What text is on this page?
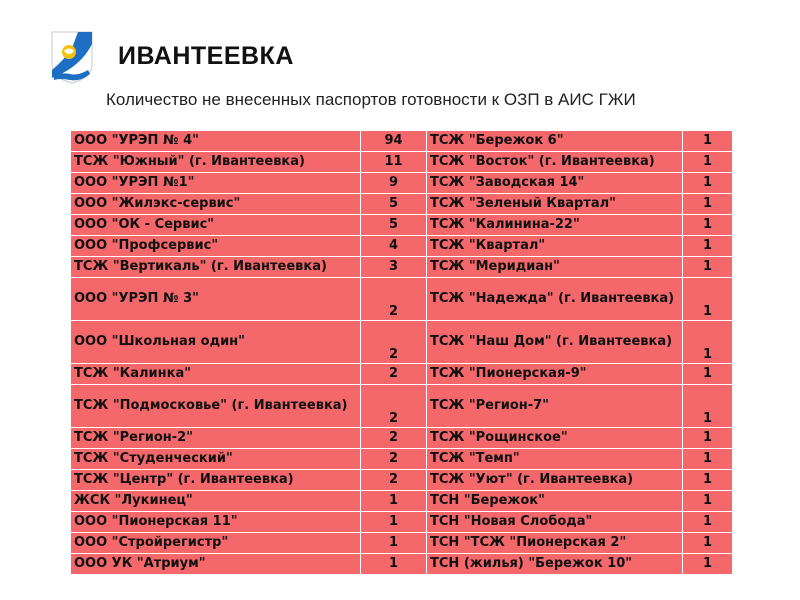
ИВАНТЕЕВКА
Количество не внесенных паспортов готовности к ОЗП в АИС ГЖИ
ООО "УРЭП № 4"	94	ТСЖ "Бережок 6"	1
ТСЖ "Южный" (г. Ивантеевка)	11	ТСЖ "Восток" (г. Ивантеевка)	1
ООО "УРЭП №1"	9	ТСЖ "Заводская 14"	1
ООО "Жилэкс-сервис"	5	ТСЖ "Зеленый Квартал"	1
ООО "ОК - Сервис"	5	ТСЖ "Калинина-22"	1
ООО "Профсервис"	4	ТСЖ "Квартал"	1
ТСЖ "Вертикаль" (г. Ивантеевка)	3	ТСЖ "Меридиан"	1
ООО "УРЭП № 3"	2	ТСЖ "Надежда" (г. Ивантеевка)	1
ООО "Школьная один"	2	ТСЖ "Наш Дом" (г. Ивантеевка)	1
ТСЖ "Калинка"	2	ТСЖ "Пионерская-9"	1
ТСЖ "Подмосковье" (г. Ивантеевка)	2	ТСЖ "Регион-7"	1
ТСЖ "Регион-2"	2	ТСЖ "Рощинское"	1
ТСЖ "Студенческий"	2	ТСЖ "Темп"	1
ТСЖ "Центр" (г. Ивантеевка)	2	ТСЖ "Уют" (г. Ивантеевка)	1
ЖСК "Лукинец"	1	ТСН "Бережок"	1
ООО "Пионерская 11"	1	ТСН "Новая Слобода"	1
ООО "Стройрегистр"	1	ТСН "ТСЖ "Пионерская 2"	1
ООО УК "Атриум"	1	ТСН (жилья) "Бережок 10"	1
